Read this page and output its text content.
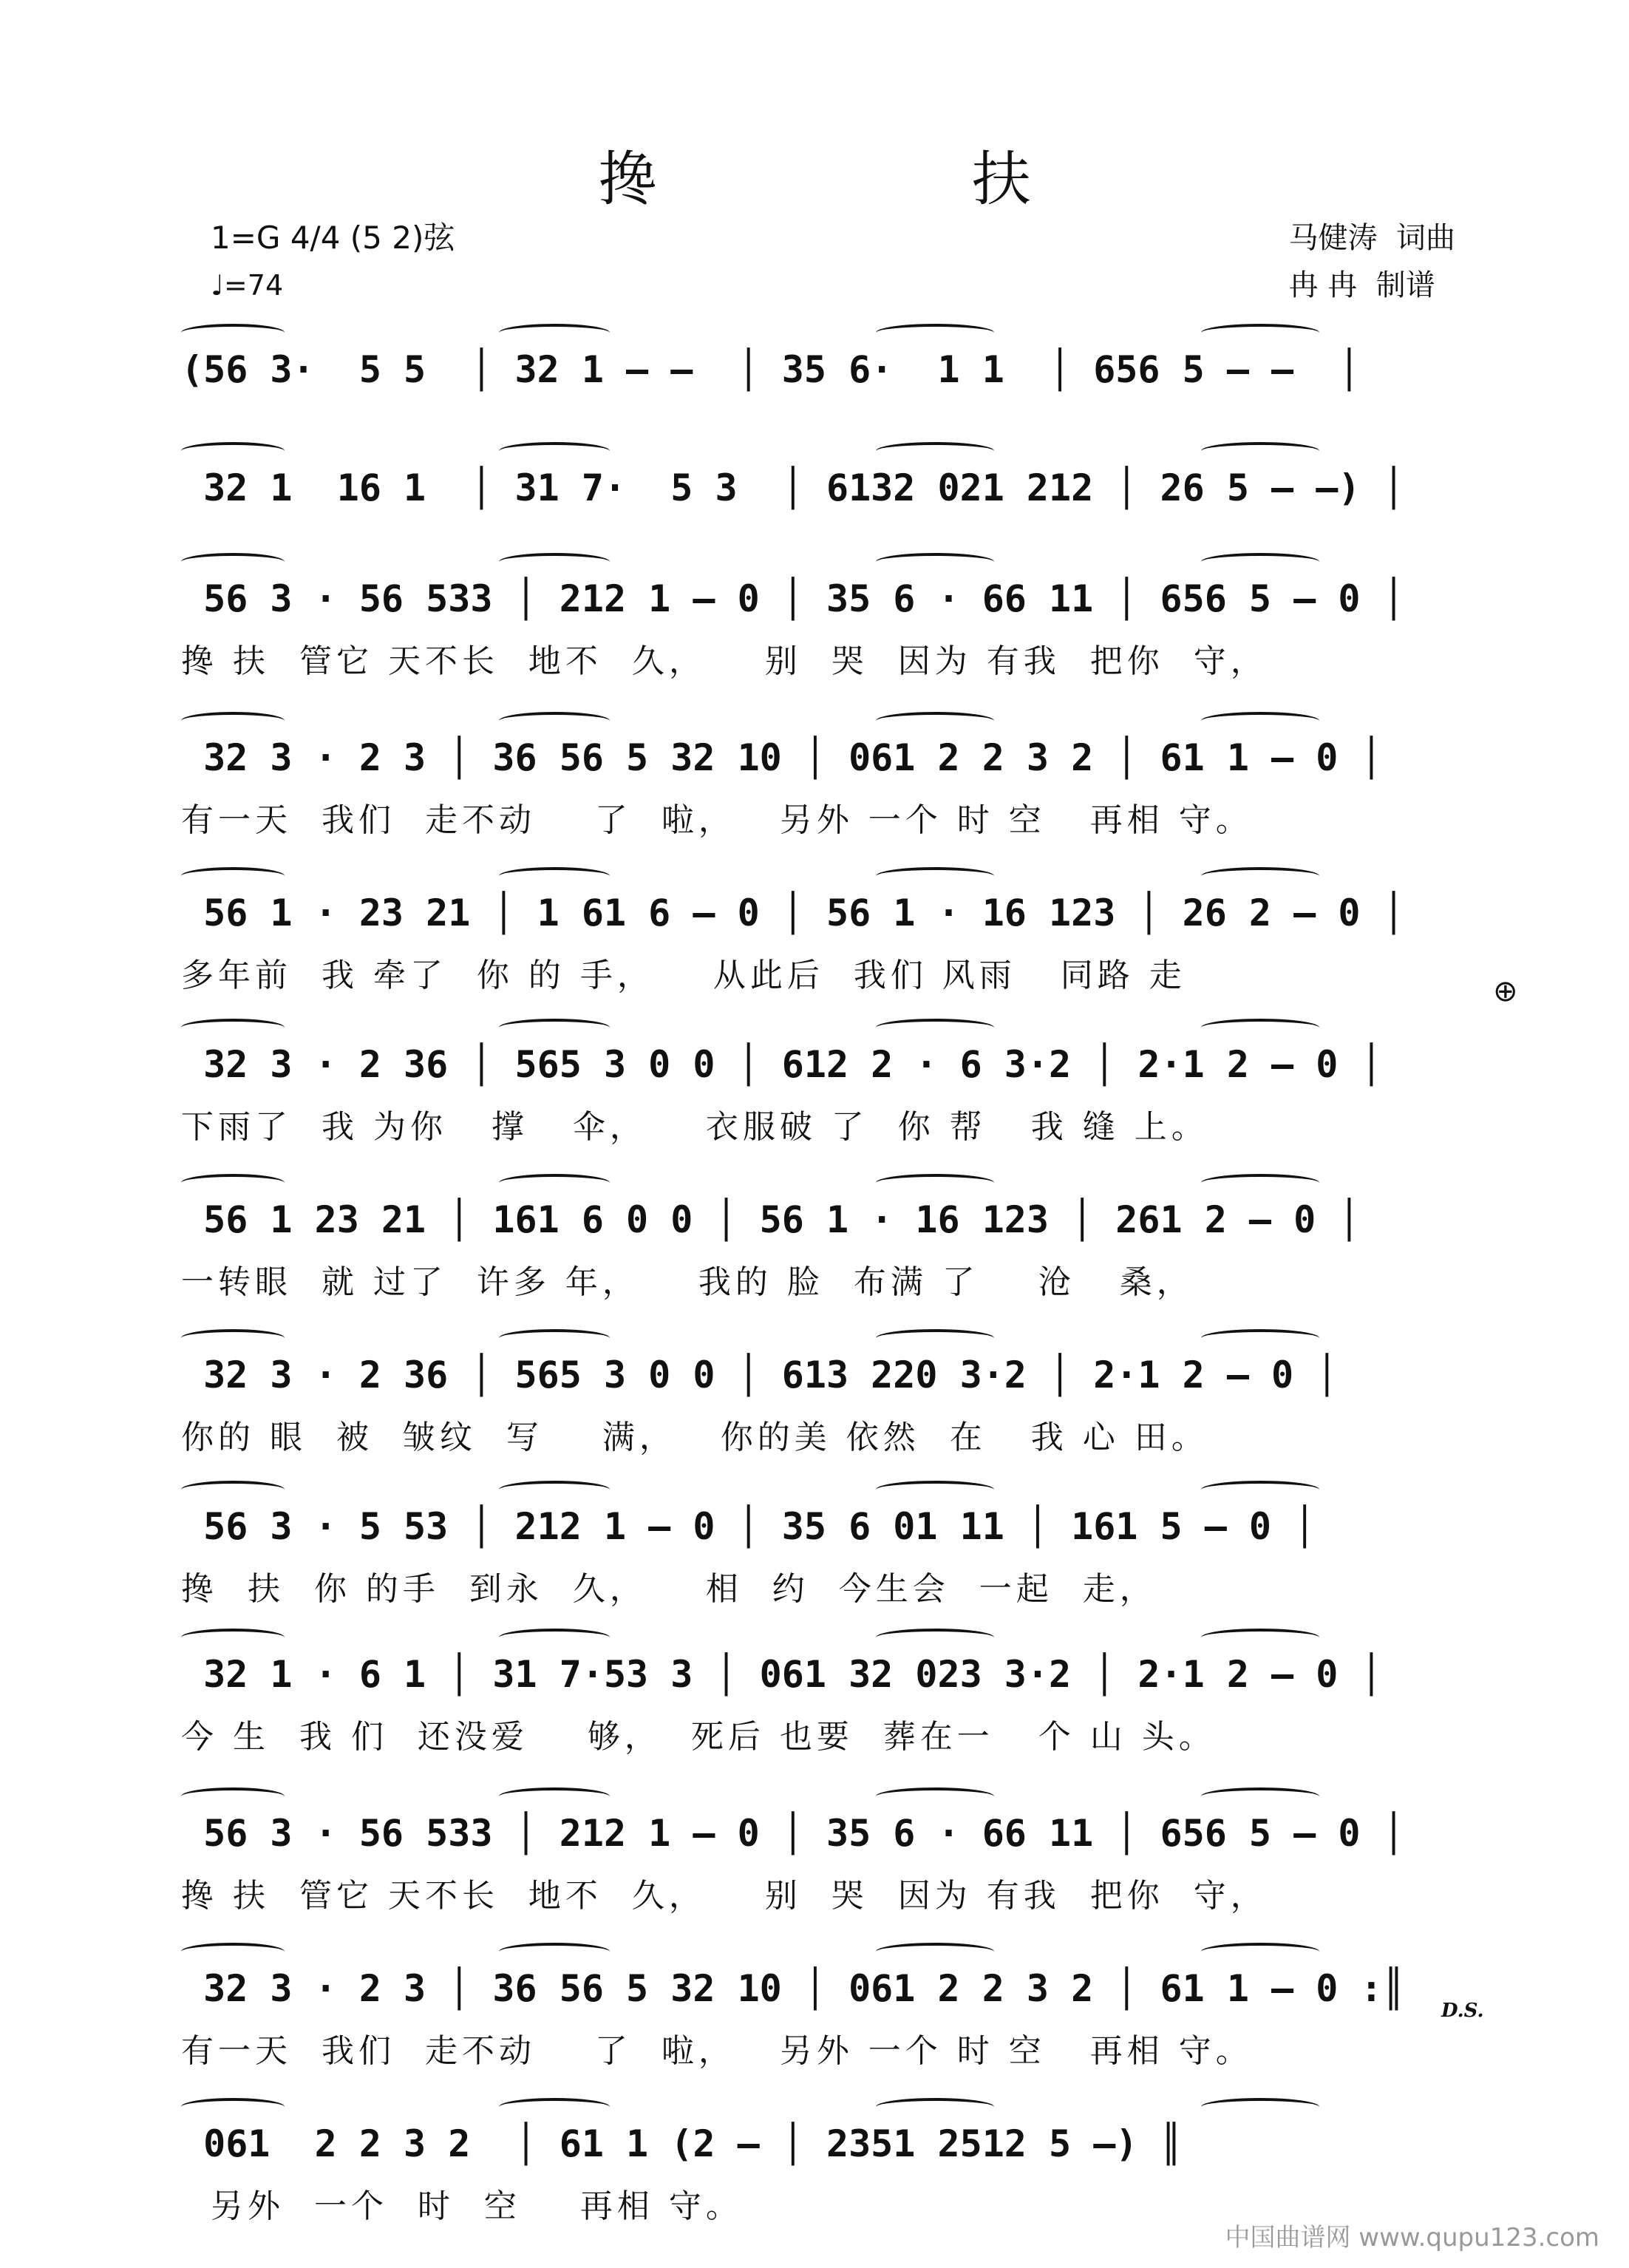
搀 扶
1=G 4/4 (5 2)弦
♩=74
马健涛  词曲
冉 冉  制谱
(56 3·  5 5  │ 32 1 – –  │ 35 6·  1 1  │ 656 5 – –  │
32 1  16 1  │ 31 7·  5 3  │ 6132 021 212 │ 26 5 – –) │
56 3 · 56 533 │ 212 1 – 0 │ 35 6 · 66 11 │ 656 5 – 0 │
搀 扶  管它 天不长  地不  久，    别  哭  因为 有我  把你  守，
32 3 · 2 3 │ 36 56 5 32 10 │ 061 2 2 3 2 │ 61 1 – 0 │
有一天  我们  走不动    了  啦，   另外 一个 时 空   再相 守。
56 1 · 23 21 │ 1 61 6 – 0 │ 56 1 · 16 123 │ 26 2 – 0 │
多年前  我 牵了  你 的 手，    从此后  我们 风雨   同路 走
32 3 · 2 36 │ 565 3 0 0 │ 612 2 · 6 3·2 │ 2·1 2 – 0 │
下雨了  我 为你   撑   伞，    衣服破 了  你 帮   我 缝 上。
56 1 23 21 │ 161 6 0 0 │ 56 1 · 16 123 │ 261 2 – 0 │
一转眼  就 过了  许多 年，    我的 脸  布满 了    沧   桑，
32 3 · 2 36 │ 565 3 0 0 │ 613 220 3·2 │ 2·1 2 – 0 │
你的 眼  被  皱纹  写    满，   你的美 依然  在   我 心 田。
56 3 · 5 53 │ 212 1 – 0 │ 35 6 01 11 │ 161 5 – 0 │
搀  扶  你 的手  到永  久，    相  约  今生会  一起  走，
32 1 · 6 1 │ 31 7·53 3 │ 061 32 023 3·2 │ 2·1 2 – 0 │
今 生  我 们  还没爱    够，  死后 也要  葬在一   个 山 头。
56 3 · 56 533 │ 212 1 – 0 │ 35 6 · 66 11 │ 656 5 – 0 │
搀 扶  管它 天不长  地不  久，    别  哭  因为 有我  把你  守，
32 3 · 2 3 │ 36 56 5 32 10 │ 061 2 2 3 2 │ 61 1 – 0 :║
有一天  我们  走不动    了  啦，   另外 一个 时 空   再相 守。
061  2 2 3 2  │ 61 1 (2 – │ 2351 2512 5 –) ║
另外  一个  时  空    再相 守。
⊕
D.S.
中国曲谱网 www.qupu123.com
